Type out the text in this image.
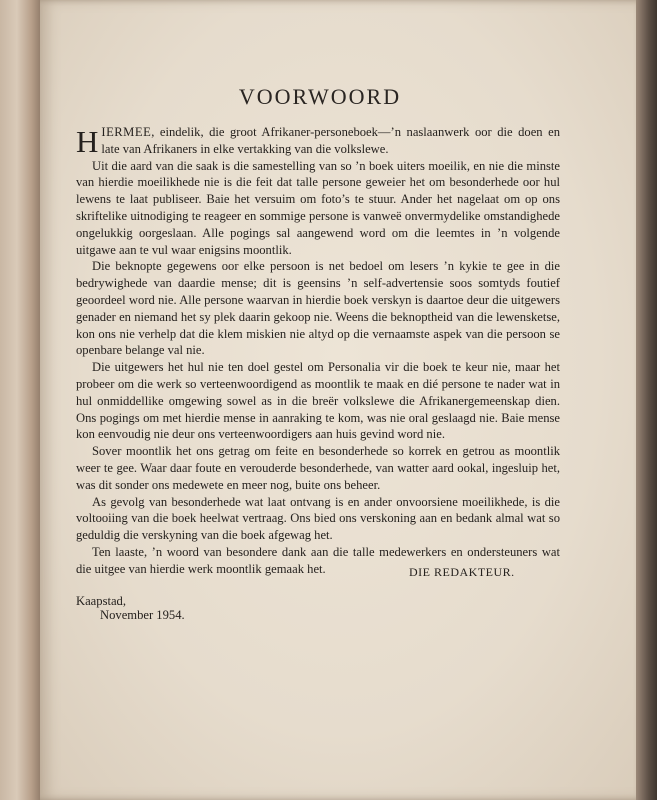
VOORWOORD

HIERMEE, eindelik, die groot Afrikaner-personeboek—’n naslaanwerk oor die doen en late van Afrikaners in elke vertakking van die volkslewe.

Uit die aard van die saak is die samestelling van so ’n boek uiters moeilik, en nie die minste van hierdie moeilikhede nie is die feit dat talle persone geweier het om besonderhede oor hul lewens te laat publiseer. Baie het versuim om foto’s te stuur. Ander het nagelaat om op ons skriftelike uitnodiging te reageer en sommige persone is vanweë onvermydelike omstandighede ongelukkig oorgeslaan. Alle pogings sal aangewend word om die leemtes in ’n volgende uitgawe aan te vul waar enigsins moontlik.

Die beknopte gegewens oor elke persoon is net bedoel om lesers ’n kykie te gee in die bedrywighede van daardie mense; dit is geensins ’n self-advertensie soos somtyds foutief geoordeel word nie. Alle persone waarvan in hierdie boek verskyn is daartoe deur die uitgewers genader en niemand het sy plek daarin gekoop nie. Weens die beknoptheid van die lewensketse, kon ons nie verhelp dat die klem miskien nie altyd op die vernaamste aspek van die persoon se openbare belange val nie.

Die uitgewers het hul nie ten doel gestel om Personalia vir die boek te keur nie, maar het probeer om die werk so verteenwoordigend as moontlik te maak en dié persone te nader wat in hul onmiddellike omgewing sowel as in die breër volkslewe die Afrikanergemeenskap dien. Ons pogings om met hierdie mense in aanraking te kom, was nie oral geslaagd nie. Baie mense kon eenvoudig nie deur ons verteenwoordigers aan huis gevind word nie.

Sover moontlik het ons getrag om feite en besonderhede so korrek en getrou as moontlik weer te gee. Waar daar foute en verouderde besonderhede, van watter aard ookal, ingesluip het, was dit sonder ons medewete en meer nog, buite ons beheer.

As gevolg van besonderhede wat laat ontvang is en ander onvoorsiene moeilikhede, is die voltooiing van die boek heelwat vertraag. Ons bied ons verskoning aan en bedank almal wat so geduldig die verskyning van die boek afgewag het.

Ten laaste, ’n woord van besondere dank aan die talle medewerkers en ondersteuners wat die uitgee van hierdie werk moontlik gemaak het.	DIE REDAKTEUR.
Kaapstad,
November 1954.
